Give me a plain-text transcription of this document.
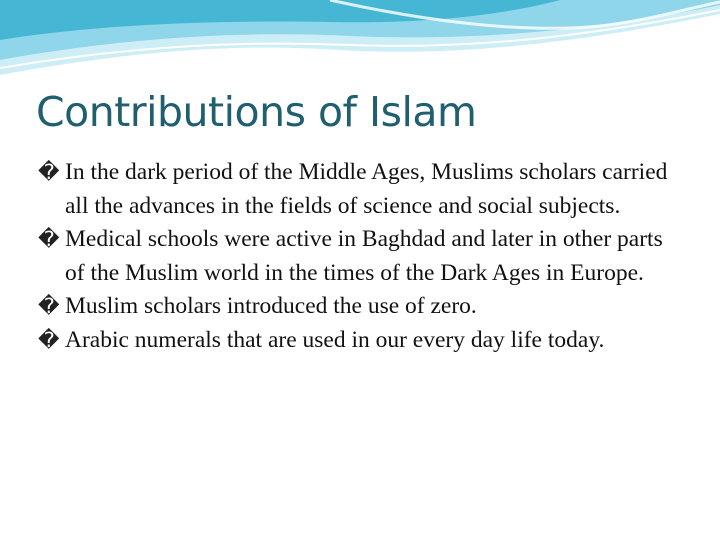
Contributions of Islam
� In the dark period of the Middle Ages, Muslims scholars carried all the advances in the fields of science and social subjects.
� Medical schools were active in Baghdad and later in other parts of the Muslim world in the times of the Dark Ages in Europe.
� Muslim scholars introduced the use of zero.
� Arabic numerals that are used in our every day life today.
